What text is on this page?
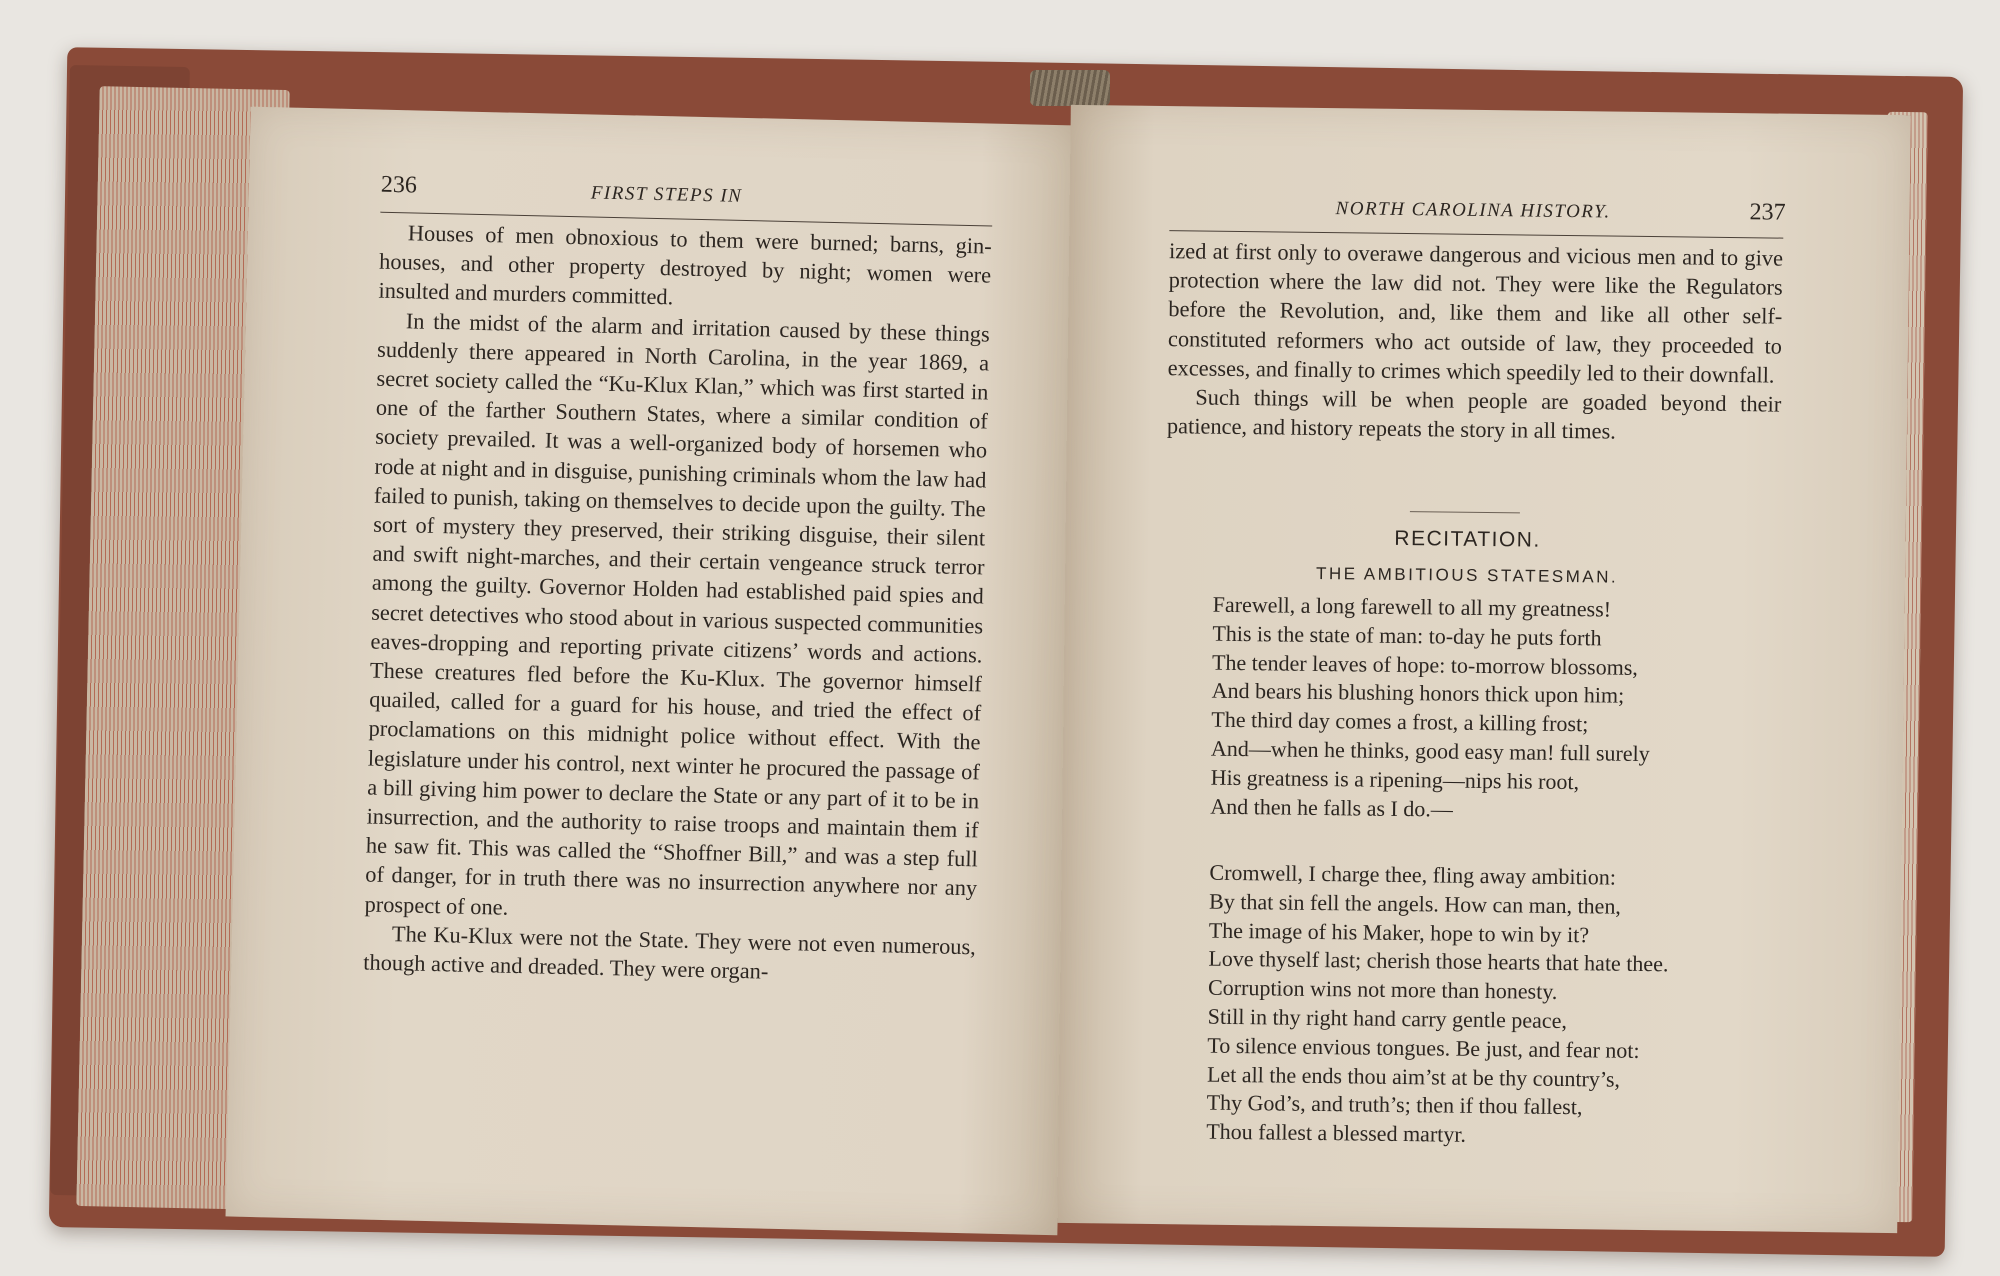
236	FIRST STEPS IN

Houses of men obnoxious to them were burned; barns, gin-houses, and other property destroyed by night; women were insulted and murders committed.

In the midst of the alarm and irritation caused by these things suddenly there appeared in North Carolina, in the year 1869, a secret society called the “Ku-Klux Klan,” which was first started in one of the farther Southern States, where a similar condition of society prevailed. It was a well-organized body of horsemen who rode at night and in disguise, punishing criminals whom the law had failed to punish, taking on themselves to decide upon the guilty. The sort of mystery they preserved, their striking disguise, their silent and swift night-marches, and their certain vengeance struck terror among the guilty. Governor Holden had established paid spies and secret detectives who stood about in various suspected communities eaves-dropping and reporting private citizens’ words and actions. These creatures fled before the Ku-Klux. The governor himself quailed, called for a guard for his house, and tried the effect of proclamations on this midnight police without effect. With the legislature under his control, next winter he procured the passage of a bill giving him power to declare the State or any part of it to be in insurrection, and the authority to raise troops and maintain them if he saw fit. This was called the “Shoffner Bill,” and was a step full of danger, for in truth there was no insurrection anywhere nor any prospect of one.

The Ku-Klux were not the State. They were not even numerous, though active and dreaded. They were organ-

NORTH CAROLINA HISTORY.	237

ized at first only to overawe dangerous and vicious men and to give protection where the law did not. They were like the Regulators before the Revolution, and, like them and like all other self-constituted reformers who act outside of law, they proceeded to excesses, and finally to crimes which speedily led to their downfall.

Such things will be when people are goaded beyond their patience, and history repeats the story in all times.

RECITATION.
THE AMBITIOUS STATESMAN.
Farewell, a long farewell to all my greatness!
This is the state of man: to-day he puts forth
The tender leaves of hope: to-morrow blossoms,
And bears his blushing honors thick upon him;
The third day comes a frost, a killing frost;
And—when he thinks, good easy man! full surely
His greatness is a ripening—nips his root,
And then he falls as I do.—
Cromwell, I charge thee, fling away ambition:
By that sin fell the angels. How can man, then,
The image of his Maker, hope to win by it?
Love thyself last; cherish those hearts that hate thee.
Corruption wins not more than honesty.
Still in thy right hand carry gentle peace,
To silence envious tongues. Be just, and fear not:
Let all the ends thou aim’st at be thy country’s,
Thy God’s, and truth’s; then if thou fallest,
Thou fallest a blessed martyr.
